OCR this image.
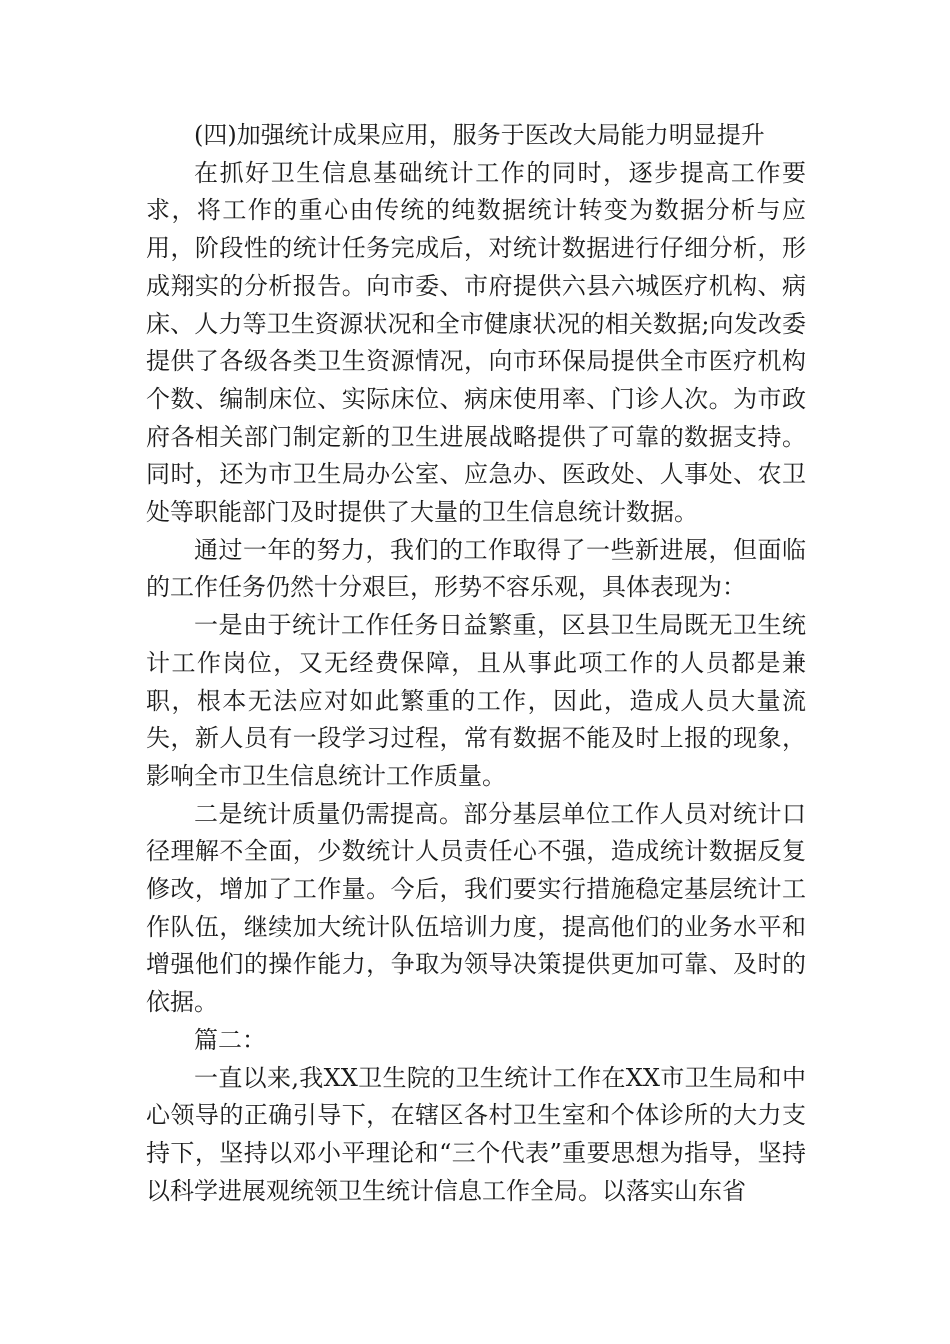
(四)加强统计成果应用，服务于医改大局能力明显提升

在抓好卫生信息基础统计工作的同时，逐步提高工作要求，将工作的重心由传统的纯数据统计转变为数据分析与应用，阶段性的统计任务完成后，对统计数据进行仔细分析，形成翔实的分析报告。向市委、市府提供六县六城医疗机构、病床、人力等卫生资源状况和全市健康状况的相关数据;向发改委提供了各级各类卫生资源情况，向市环保局提供全市医疗机构个数、编制床位、实际床位、病床使用率、门诊人次。为市政府各相关部门制定新的卫生进展战略提供了可靠的数据支持。同时，还为市卫生局办公室、应急办、医政处、人事处、农卫处等职能部门及时提供了大量的卫生信息统计数据。

通过一年的努力，我们的工作取得了一些新进展，但面临的工作任务仍然十分艰巨，形势不容乐观，具体表现为：

一是由于统计工作任务日益繁重，区县卫生局既无卫生统计工作岗位，又无经费保障，且从事此项工作的人员都是兼职，根本无法应对如此繁重的工作，因此，造成人员大量流失，新人员有一段学习过程，常有数据不能及时上报的现象，影响全市卫生信息统计工作质量。

二是统计质量仍需提高。部分基层单位工作人员对统计口径理解不全面，少数统计人员责任心不强，造成统计数据反复修改，增加了工作量。今后，我们要实行措施稳定基层统计工作队伍，继续加大统计队伍培训力度，提高他们的业务水平和增强他们的操作能力，争取为领导决策提供更加可靠、及时的依据。

篇二：

一直以来,我XX卫生院的卫生统计工作在XX市卫生局和中心领导的正确引导下，在辖区各村卫生室和个体诊所的大力支持下，坚持以邓小平理论和“三个代表”重要思想为指导，坚持以科学进展观统领卫生统计信息工作全局。以落实山东省
